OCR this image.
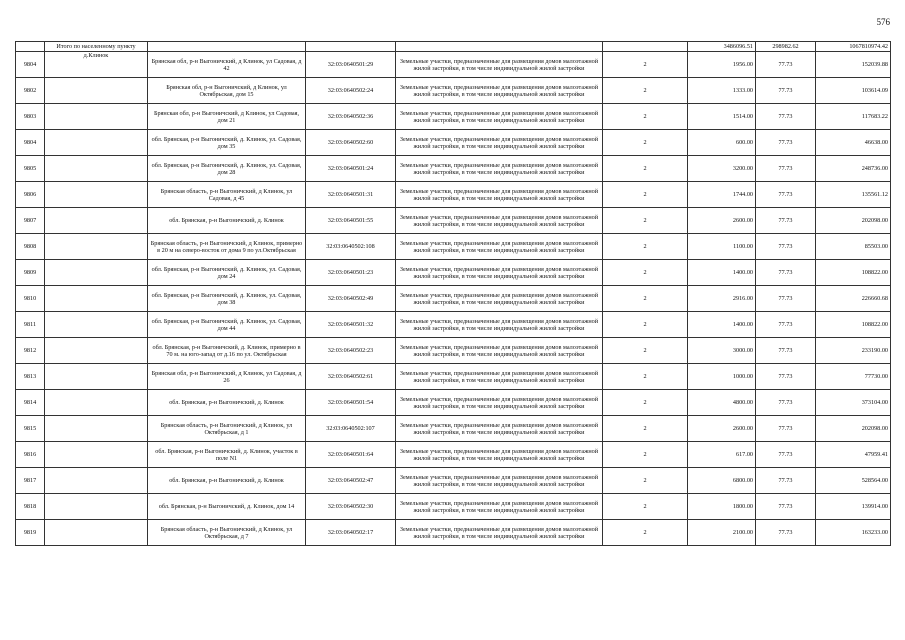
576
	Итого по населенному пункту					3486096.51	298982.62	1067810974.42
9804	д.Клинок	Брянская обл, р-н Выгоничский, д Клинок, ул Садовая, д 42	32:03:0640501:29	Земельные участки, предназначенные для размещения домов малоэтажной жилой застройки, в том числе индивидуальной жилой застройки	2	1956.00	77.73	152039.88
9802		Брянская обл, р-н Выгоничский, д Клинок, ул Октябрьская, дом 15	32:03:0640502:24	Земельные участки, предназначенные для размещения домов малоэтажной жилой застройки, в том числе индивидуальной жилой застройки	2	1333.00	77.73	103614.09
9803		Брянская обл, р-н Выгоничский, д Клинок, ул Садовая, дом 21	32:03:0640502:36	Земельные участки, предназначенные для размещения домов малоэтажной жилой застройки, в том числе индивидуальной жилой застройки	2	1514.00	77.73	117683.22
9804		обл. Брянская, р-н Выгоничский, д. Клинок, ул. Садовая, дом 35	32:03:0640502:60	Земельные участки, предназначенные для размещения домов малоэтажной жилой застройки, в том числе индивидуальной жилой застройки	2	600.00	77.73	46638.00
9805		обл. Брянская, р-н Выгоничский, д. Клинок, ул. Садовая, дом 28	32:03:0640501:24	Земельные участки, предназначенные для размещения домов малоэтажной жилой застройки, в том числе индивидуальной жилой застройки	2	3200.00	77.73	248736.00
9806		Брянская область, р-н Выгоничский, д Клинок, ул Садовая, д 45	32:03:0640501:31	Земельные участки, предназначенные для размещения домов малоэтажной жилой застройки, в том числе индивидуальной жилой застройки	2	1744.00	77.73	135561.12
9807		обл. Брянская, р-н Выгоничский, д. Клинок	32:03:0640501:55	Земельные участки, предназначенные для размещения домов малоэтажной жилой застройки, в том числе индивидуальной жилой застройки	2	2600.00	77.73	202098.00
9808		Брянская область, р-н Выгоничский, д Клинок, примерно в 20 м на северо-восток от дома 9 по ул.Октябрьская	32:03:0640502:108	Земельные участки, предназначенные для размещения домов малоэтажной жилой застройки, в том числе индивидуальной жилой застройки	2	1100.00	77.73	85503.00
9809		обл. Брянская, р-н Выгоничский, д. Клинок, ул. Садовая, дом 24	32:03:0640501:23	Земельные участки, предназначенные для размещения домов малоэтажной жилой застройки, в том числе индивидуальной жилой застройки	2	1400.00	77.73	108822.00
9810		обл. Брянская, р-н Выгоничский, д. Клинок, ул. Садовая, дом 38	32:03:0640502:49	Земельные участки, предназначенные для размещения домов малоэтажной жилой застройки, в том числе индивидуальной жилой застройки	2	2916.00	77.73	226660.68
9811		обл. Брянская, р-н Выгоничский, д. Клинок, ул. Садовая, дом 44	32:03:0640501:32	Земельные участки, предназначенные для размещения домов малоэтажной жилой застройки, в том числе индивидуальной жилой застройки	2	1400.00	77.73	108822.00
9812		обл. Брянская, р-н Выгоничский, д. Клинок, примерно в 70 м. на юго-запад от д.16 по ул. Октябрьская	32:03:0640502:23	Земельные участки, предназначенные для размещения домов малоэтажной жилой застройки, в том числе индивидуальной жилой застройки	2	3000.00	77.73	233190.00
9813		Брянская обл, р-н Выгоничский, д Клинок, ул Садовая, д 26	32:03:0640502:61	Земельные участки, предназначенные для размещения домов малоэтажной жилой застройки, в том числе индивидуальной жилой застройки	2	1000.00	77.73	77730.00
9814		обл. Брянская, р-н Выгоничский, д. Клинок	32:03:0640501:54	Земельные участки, предназначенные для размещения домов малоэтажной жилой застройки, в том числе индивидуальной жилой застройки	2	4800.00	77.73	373104.00
9815		Брянская область, р-н Выгоничский, д Клинок, ул Октябрьская, д 1	32:03:0640502:107	Земельные участки, предназначенные для размещения домов малоэтажной жилой застройки, в том числе индивидуальной жилой застройки	2	2600.00	77.73	202098.00
9816		обл. Брянская, р-н Выгоничский, д. Клинок, участок в поле N1	32:03:0640501:64	Земельные участки, предназначенные для размещения домов малоэтажной жилой застройки, в том числе индивидуальной жилой застройки	2	617.00	77.73	47959.41
9817		обл. Брянская, р-н Выгоничский, д. Клинок	32:03:0640502:47	Земельные участки, предназначенные для размещения домов малоэтажной жилой застройки, в том числе индивидуальной жилой застройки	2	6800.00	77.73	528564.00
9818		обл. Брянская, р-н Выгоничский, д. Клинок, дом 14	32:03:0640502:30	Земельные участки, предназначенные для размещения домов малоэтажной жилой застройки, в том числе индивидуальной жилой застройки	2	1800.00	77.73	139914.00
9819		Брянская область, р-н Выгоничский, д Клинок, ул Октябрьская, д 7	32:03:0640502:17	Земельные участки, предназначенные для размещения домов малоэтажной жилой застройки, в том числе индивидуальной жилой застройки	2	2100.00	77.73	163233.00
